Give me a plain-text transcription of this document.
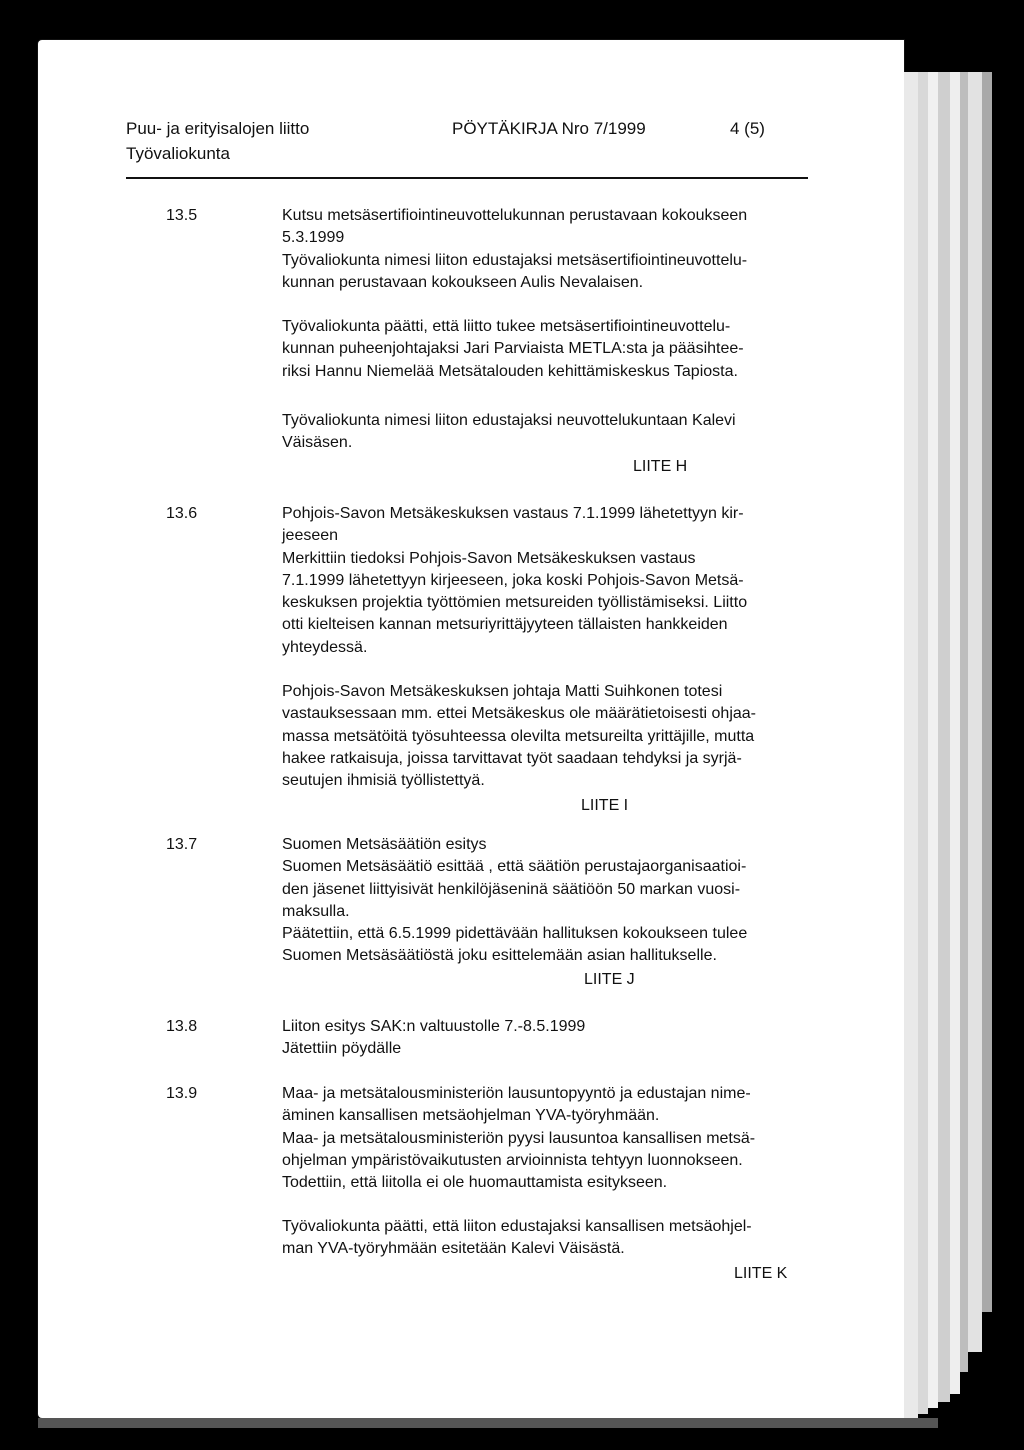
Puu- ja erityisalojen liitto
Työvaliokunta
PÖYTÄKIRJA Nro 7/1999	4 (5)
13.5	Kutsu metsäsertifiointineuvottelukunnan perustavaan kokoukseen
5.3.1999
Työvaliokunta nimesi liiton edustajaksi metsäsertifiointineuvottelu-
kunnan perustavaan kokoukseen Aulis Nevalaisen.

Työvaliokunta päätti, että liitto tukee metsäsertifiointineuvottelu-
kunnan puheenjohtajaksi Jari Parviaista METLA:sta ja pääsihtee-
riksi Hannu Niemelää Metsätalouden kehittämiskeskus Tapiosta.

Työvaliokunta nimesi liiton edustajaksi neuvottelukuntaan Kalevi
Väisäsen.

LIITE H
13.6	Pohjois-Savon Metsäkeskuksen vastaus 7.1.1999 lähetettyyn kir-
jeeseen
Merkittiin tiedoksi Pohjois-Savon Metsäkeskuksen vastaus
7.1.1999 lähetettyyn kirjeeseen, joka koski Pohjois-Savon Metsä-
keskuksen projektia työttömien metsureiden työllistämiseksi. Liitto
otti kielteisen kannan metsuriyrittäjyyteen tällaisten hankkeiden
yhteydessä.

Pohjois-Savon Metsäkeskuksen johtaja Matti Suihkonen totesi
vastauksessaan mm. ettei Metsäkeskus ole määrätietoisesti ohjaa-
massa metsätöitä työsuhteessa olevilta metsureilta yrittäjille, mutta
hakee ratkaisuja, joissa tarvittavat työt saadaan tehdyksi ja syrjä-
seutujen ihmisiä työllistettyä.

LIITE I
13.7	Suomen Metsäsäätiön esitys
Suomen Metsäsäätiö esittää , että säätiön perustajaorganisaatioi-
den jäsenet liittyisivät henkilöjäseninä säätiöön 50 markan vuosi-
maksulla.
Päätettiin, että 6.5.1999 pidettävään hallituksen kokoukseen tulee
Suomen Metsäsäätiöstä joku esittelemään asian hallitukselle.

LIITE J
13.8	Liiton esitys SAK:n valtuustolle 7.-8.5.1999
Jätettiin pöydälle

13.9	Maa- ja metsätalousministeriön lausuntopyyntö ja edustajan nime-
äminen kansallisen metsäohjelman YVA-työryhmään.
Maa- ja metsätalousministeriön pyysi lausuntoa kansallisen metsä-
ohjelman ympäristövaikutusten arvioinnista tehtyyn luonnokseen.
Todettiin, että liitolla ei ole huomauttamista esitykseen.

Työvaliokunta päätti, että liiton edustajaksi kansallisen metsäohjel-
man YVA-työryhmään esitetään Kalevi Väisästä.

LIITE K
